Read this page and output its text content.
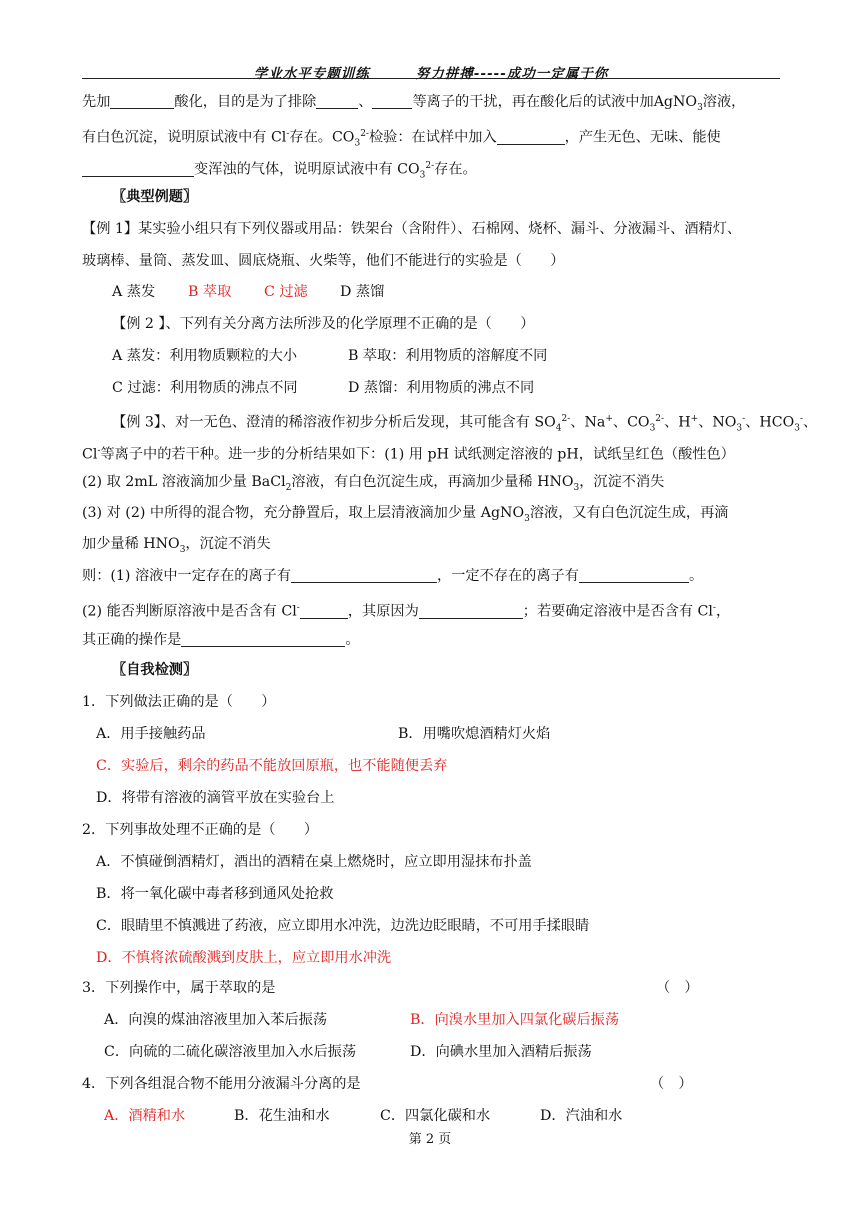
学业水平专题训练	努力拼搏-----成功一定属于你
先加	酸化，目的是为了排除	、	等离子的干扰，再在酸化后的试液中加AgNO$_3$溶液，
有白色沉淀，说明原试液中有 Cl-存在。$CO_3^{2-}$检验：在试样中加入	，产生无色、无味、能使
变浑浊的气体，说明原试液中有 $CO_3^{2-}$存在。
〖典型例题〗
【例 1】某实验小组只有下列仪器或用品：铁架台（含附件）、石棉网、烧杯、漏斗、分液漏斗、酒精灯、
玻璃棒、量筒、蒸发皿、圆底烧瓶、火柴等，他们不能进行的实验是（　　）
A 蒸发 B 萃取 C 过滤 D 蒸馏
【例 2 】、下列有关分离方法所涉及的化学原理不正确的是（　　）
A 蒸发：利用物质颗粒的大小	B 萃取：利用物质的溶解度不同
C 过滤：利用物质的沸点不同	D 蒸馏：利用物质的沸点不同
【例 3】、对一无色、澄清的稀溶液作初步分析后发现，其可能含有 $SO_4^{2-}$、Na+、$CO_3^{2-}$、H+、$NO_3^-$、$HCO_3^-$、
Cl-等离子中的若干种。进一步的分析结果如下：(1) 用 pH 试纸测定溶液的 pH，试纸呈红色（酸性色）
(2) 取 2mL 溶液滴加少量 BaCl$_2$溶液，有白色沉淀生成，再滴加少量稀 $HNO_3$，沉淀不消失
(3) 对 (2) 中所得的混合物，充分静置后，取上层清液滴加少量 AgNO$_3$溶液，又有白色沉淀生成，再滴
加少量稀 $HNO_3$，沉淀不消失
则：(1) 溶液中一定存在的离子有	，一定不存在的离子有	。
(2) 能否判断原溶液中是否含有 Cl-	，其原因为	；若要确定溶液中是否含有 Cl-，
其正确的操作是	。
〖自我检测〗
1．下列做法正确的是（　　）
A．用手接触药品	B．用嘴吹熄酒精灯火焰
C．实验后，剩余的药品不能放回原瓶，也不能随便丢弃
D．将带有溶液的滴管平放在实验台上
2．下列事故处理不正确的是（　　）
A．不慎碰倒酒精灯，酒出的酒精在桌上燃烧时，应立即用湿抹布扑盖
B．将一氧化碳中毒者移到通风处抢救
C．眼睛里不慎溅进了药液，应立即用水冲洗，边洗边眨眼睛，不可用手揉眼睛
D．不慎将浓硫酸溅到皮肤上，应立即用水冲洗
3．下列操作中，属于萃取的是	（　）
A．向溴的煤油溶液里加入苯后振荡	B．向溴水里加入四氯化碳后振荡
C．向硫的二硫化碳溶液里加入水后振荡	D．向碘水里加入酒精后振荡
4．下列各组混合物不能用分液漏斗分离的是	（　）
A．酒精和水	B．花生油和水	C．四氯化碳和水	D．汽油和水
第 2 页
